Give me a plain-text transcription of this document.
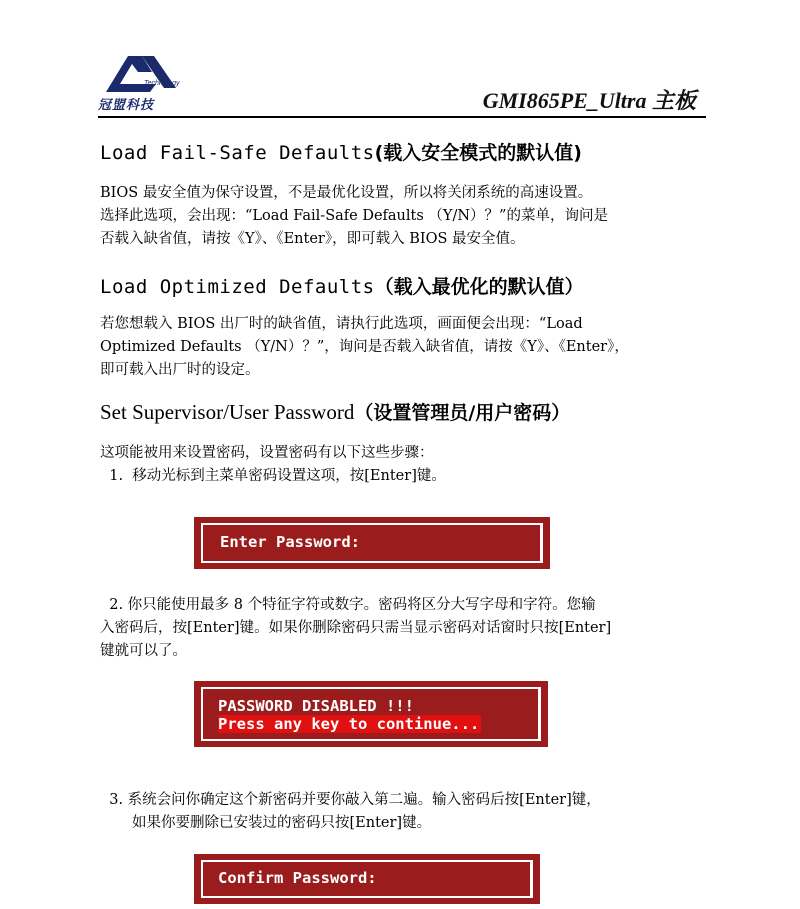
Technology
冠盟科技	GMI865PE_Ultra 主板
Load Fail-Safe Defaults(载入安全模式的默认值)
BIOS 最安全值为保守设置，不是最优化设置，所以将关闭系统的高速设置。
选择此选项，会出现：“Load Fail-Safe Defaults （Y/N）？”的菜单，询问是
否载入缺省值，请按《Y》、《Enter》，即可载入 BIOS 最安全值。
Load Optimized Defaults（载入最优化的默认值）
若您想载入 BIOS 出厂时的缺省值，请执行此选项，画面便会出现：“Load
Optimized Defaults （Y/N）？”，询问是否载入缺省值，请按《Y》、《Enter》，
即可载入出厂时的设定。
Set Supervisor/User Password（设置管理员/用户密码）
这项能被用来设置密码，设置密码有以下这些步骤：
1.  移动光标到主菜单密码设置这项，按[Enter]键。
Enter Password:
2. 你只能使用最多 8 个特征字符或数字。密码将区分大写字母和字符。您输
入密码后，按[Enter]键。如果你删除密码只需当显示密码对话窗时只按[Enter]
键就可以了。
PASSWORD DISABLED !!!
Press any key to continue...
3. 系统会问你确定这个新密码并要你敲入第二遍。输入密码后按[Enter]键，
如果你要删除已安装过的密码只按[Enter]键。
Confirm Password:
